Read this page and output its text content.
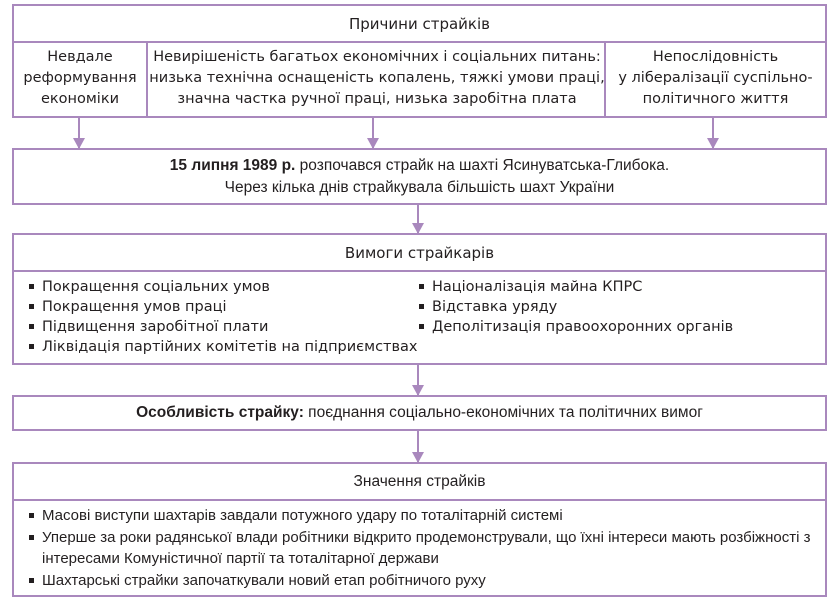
Причини страйків
Невдале
реформування
економіки
Невирішеність багатьох економічних і соціальних питань:
низька технічна оснащеність копалень, тяжкі умови праці,
значна частка ручної праці, низька заробітна плата
Непослідовність
у лібералізації суспільно-
політичного життя
15 липня 1989 р. розпочався страйк на шахті Ясинуватська-Глибока.
Через кілька днів страйкувала більшість шахт України
Вимоги страйкарів
Покращення соціальних умов
Покращення умов праці
Підвищення заробітної плати
Ліквідація партійних комітетів на підприємствах
Націоналізація майна КПРС
Відставка уряду
Деполітизація правоохоронних органів
Особливість страйку: поєднання соціально-економічних та політичних вимог
Значення страйків
Масові виступи шахтарів завдали потужного удару по тоталітарній системі
Уперше за роки радянської влади робітники відкрито продемонстрували, що їхні інтереси мають розбіжності з інтересами Комуністичної партії та тоталітарної держави
Шахтарські страйки започаткували новий етап робітничого руху
